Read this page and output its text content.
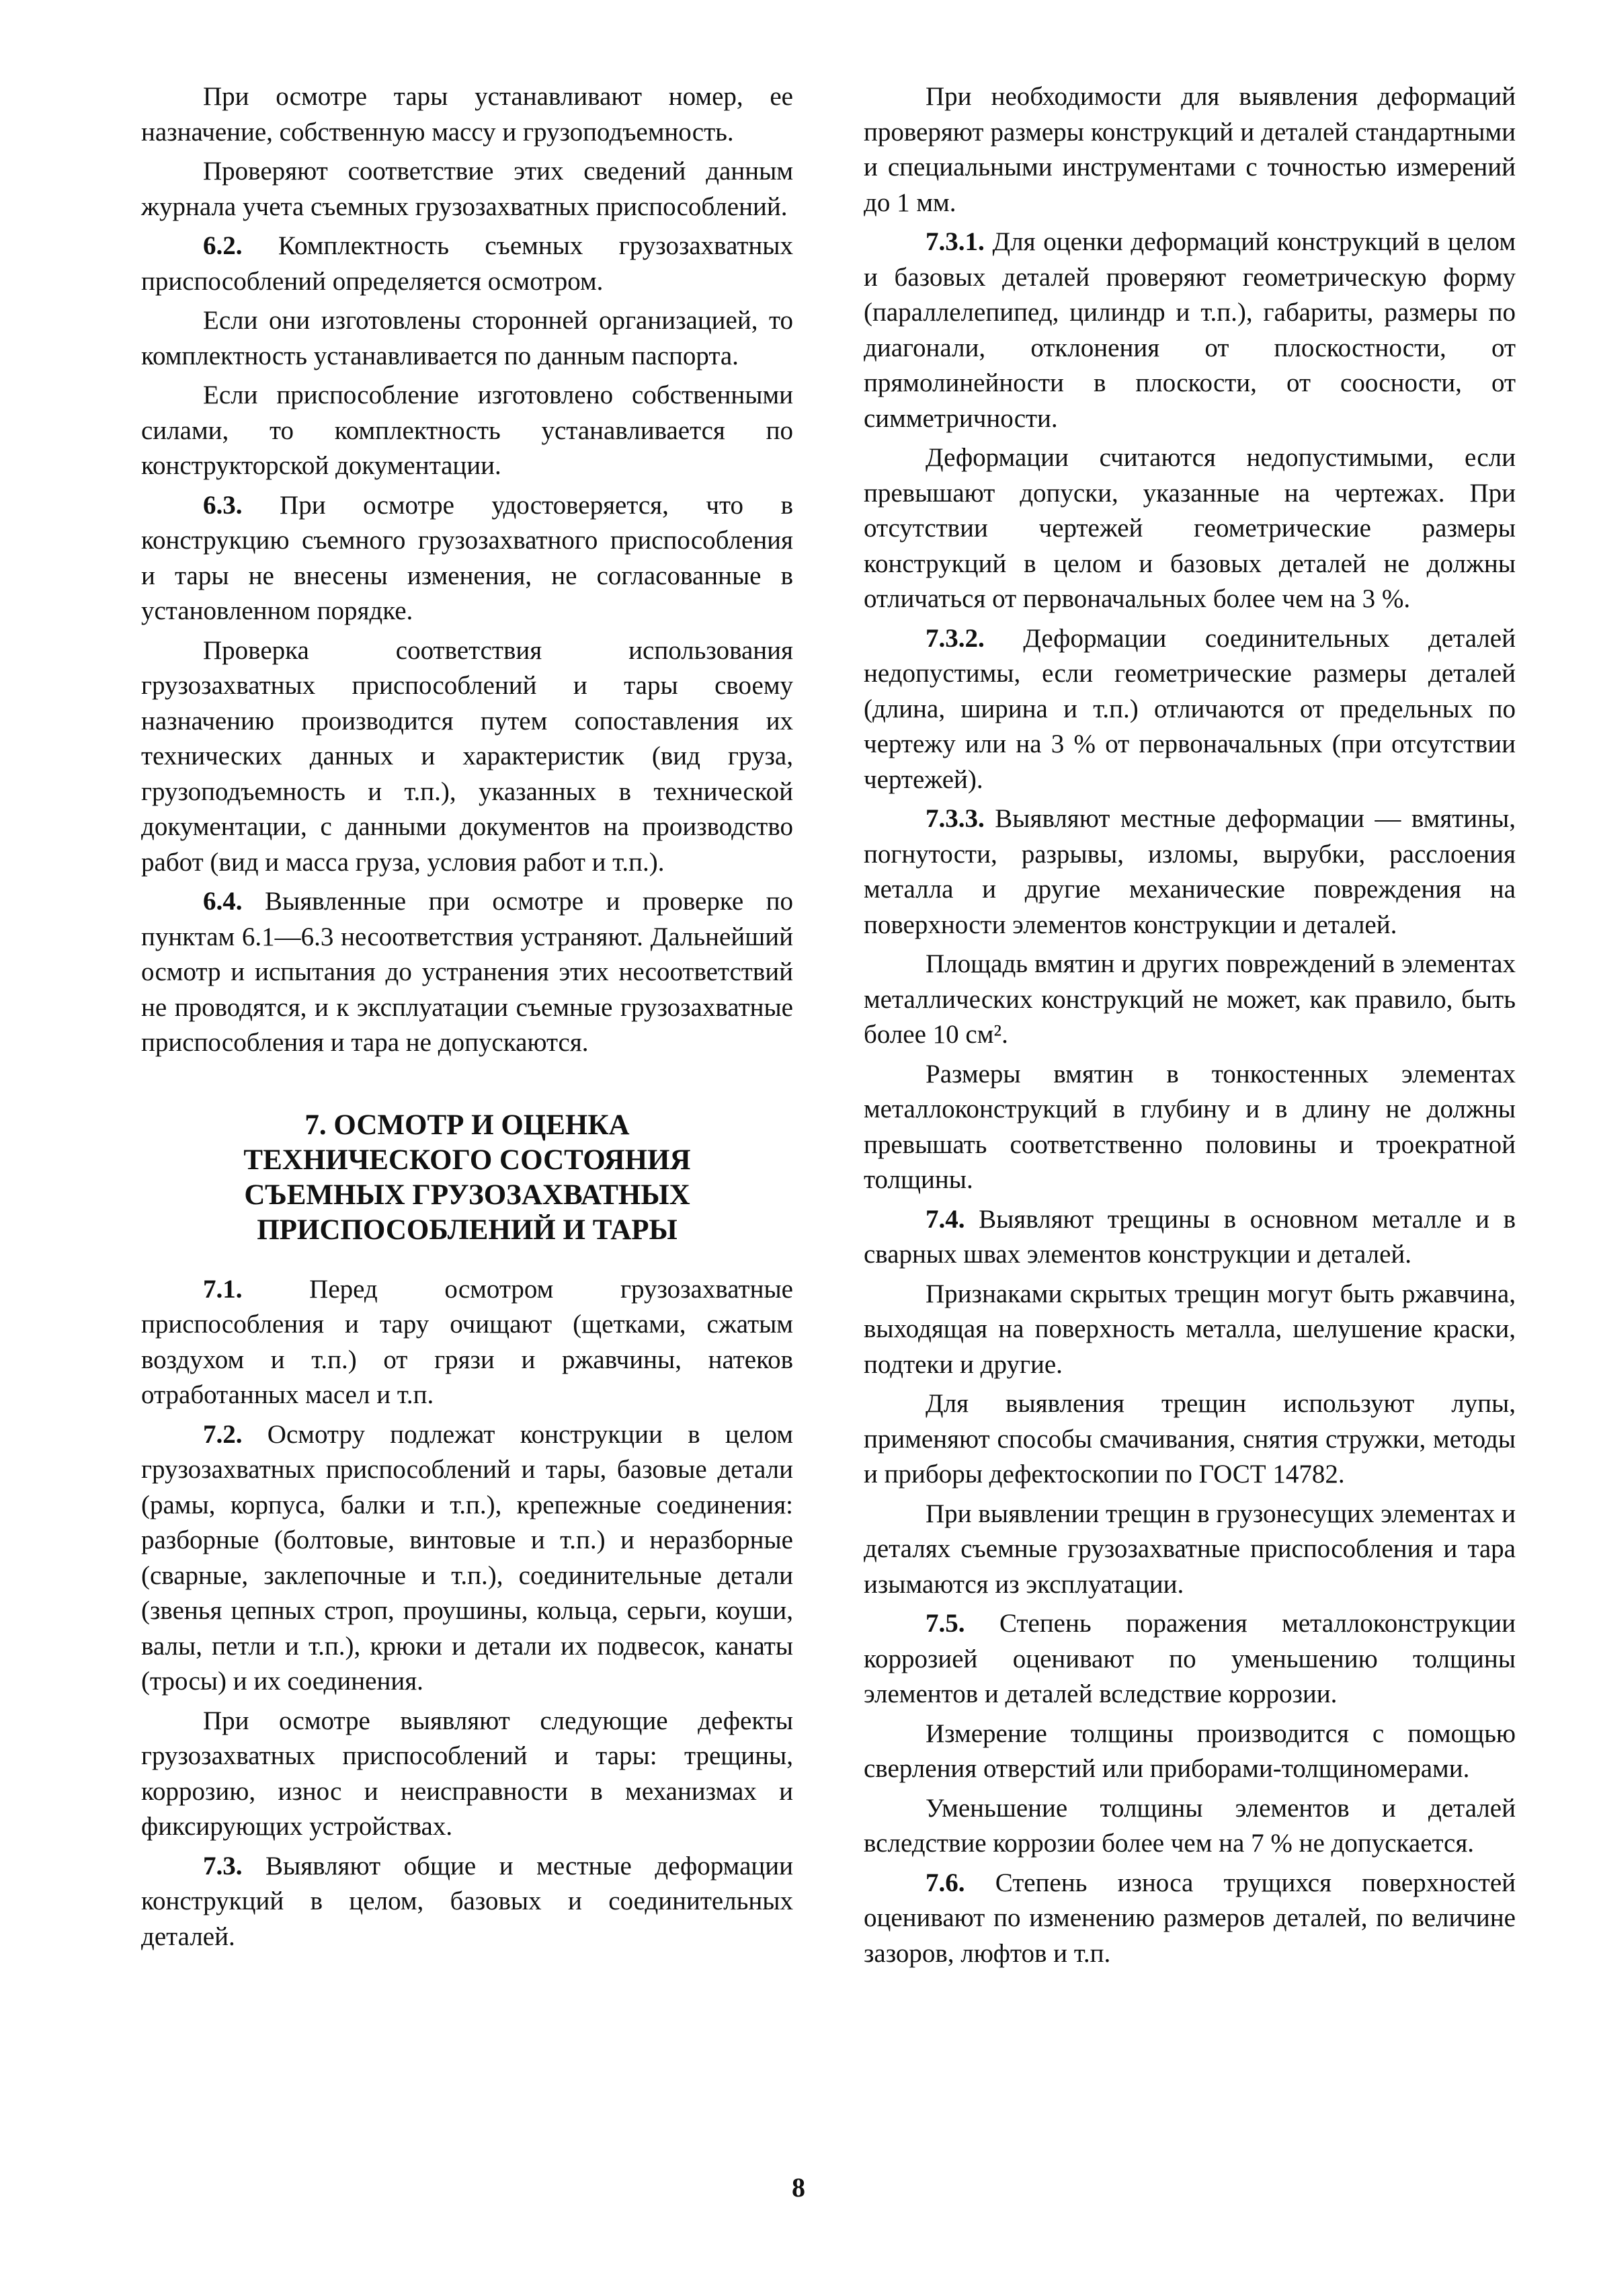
При осмотре тары устанавливают номер, ее назначение, собственную массу и грузоподъемность.

Проверяют соответствие этих сведений данным журнала учета съемных грузозахватных приспособлений.

6.2. Комплектность съемных грузозахватных приспособлений определяется осмотром.

Если они изготовлены сторонней организацией, то комплектность устанавливается по данным паспорта.

Если приспособление изготовлено собственными силами, то комплектность устанавливается по конструкторской документации.

6.3. При осмотре удостоверяется, что в конструкцию съемного грузозахватного приспособления и тары не внесены изменения, не согласованные в установленном порядке.

Проверка соответствия использования грузозахватных приспособлений и тары своему назначению производится путем сопоставления их технических данных и характеристик (вид груза, грузоподъемность и т.п.), указанных в технической документации, с данными документов на производство работ (вид и масса груза, условия работ и т.п.).

6.4. Выявленные при осмотре и проверке по пунктам 6.1—6.3 несоответствия устраняют. Дальнейший осмотр и испытания до устранения этих несоответствий не проводятся, и к эксплуатации съемные грузозахватные приспособления и тара не допускаются.

7. ОСМОТР И ОЦЕНКА
ТЕХНИЧЕСКОГО СОСТОЯНИЯ
СЪЕМНЫХ ГРУЗОЗАХВАТНЫХ
ПРИСПОСОБЛЕНИЙ И ТАРЫ

7.1. Перед осмотром грузозахватные приспособления и тару очищают (щетками, сжатым воздухом и т.п.) от грязи и ржавчины, натеков отработанных масел и т.п.

7.2. Осмотру подлежат конструкции в целом грузозахватных приспособлений и тары, базовые детали (рамы, корпуса, балки и т.п.), крепежные соединения: разборные (болтовые, винтовые и т.п.) и неразборные (сварные, заклепочные и т.п.), соединительные детали (звенья цепных строп, проушины, кольца, серьги, коуши, валы, петли и т.п.), крюки и детали их подвесок, канаты (тросы) и их соединения.

При осмотре выявляют следующие дефекты грузозахватных приспособлений и тары: трещины, коррозию, износ и неисправности в механизмах и фиксирующих устройствах.

7.3. Выявляют общие и местные деформации конструкций в целом, базовых и соединительных деталей.

При необходимости для выявления деформаций проверяют размеры конструкций и деталей стандартными и специальными инструментами с точностью измерений до 1 мм.

7.3.1. Для оценки деформаций конструкций в целом и базовых деталей проверяют геометрическую форму (параллелепипед, цилиндр и т.п.), габариты, размеры по диагонали, отклонения от плоскостности, от прямолинейности в плоскости, от соосности, от симметричности.

Деформации считаются недопустимыми, если превышают допуски, указанные на чертежах. При отсутствии чертежей геометрические размеры конструкций в целом и базовых деталей не должны отличаться от первоначальных более чем на 3 %.

7.3.2. Деформации соединительных деталей недопустимы, если геометрические размеры деталей (длина, ширина и т.п.) отличаются от предельных по чертежу или на 3 % от первоначальных (при отсутствии чертежей).

7.3.3. Выявляют местные деформации — вмятины, погнутости, разрывы, изломы, вырубки, расслоения металла и другие механические повреждения на поверхности элементов конструкции и деталей.

Площадь вмятин и других повреждений в элементах металлических конструкций не может, как правило, быть более 10 см².

Размеры вмятин в тонкостенных элементах металлоконструкций в глубину и в длину не должны превышать соответственно половины и троекратной толщины.

7.4. Выявляют трещины в основном металле и в сварных швах элементов конструкции и деталей.

Признаками скрытых трещин могут быть ржавчина, выходящая на поверхность металла, шелушение краски, подтеки и другие.

Для выявления трещин используют лупы, применяют способы смачивания, снятия стружки, методы и приборы дефектоскопии по ГОСТ 14782.

При выявлении трещин в грузонесущих элементах и деталях съемные грузозахватные приспособления и тара изымаются из эксплуатации.

7.5. Степень поражения металлоконструкции коррозией оценивают по уменьшению толщины элементов и деталей вследствие коррозии.

Измерение толщины производится с помощью сверления отверстий или приборами-толщиномерами.

Уменьшение толщины элементов и деталей вследствие коррозии более чем на 7 % не допускается.

7.6. Степень износа трущихся поверхностей оценивают по изменению размеров деталей, по величине зазоров, люфтов и т.п.

8
